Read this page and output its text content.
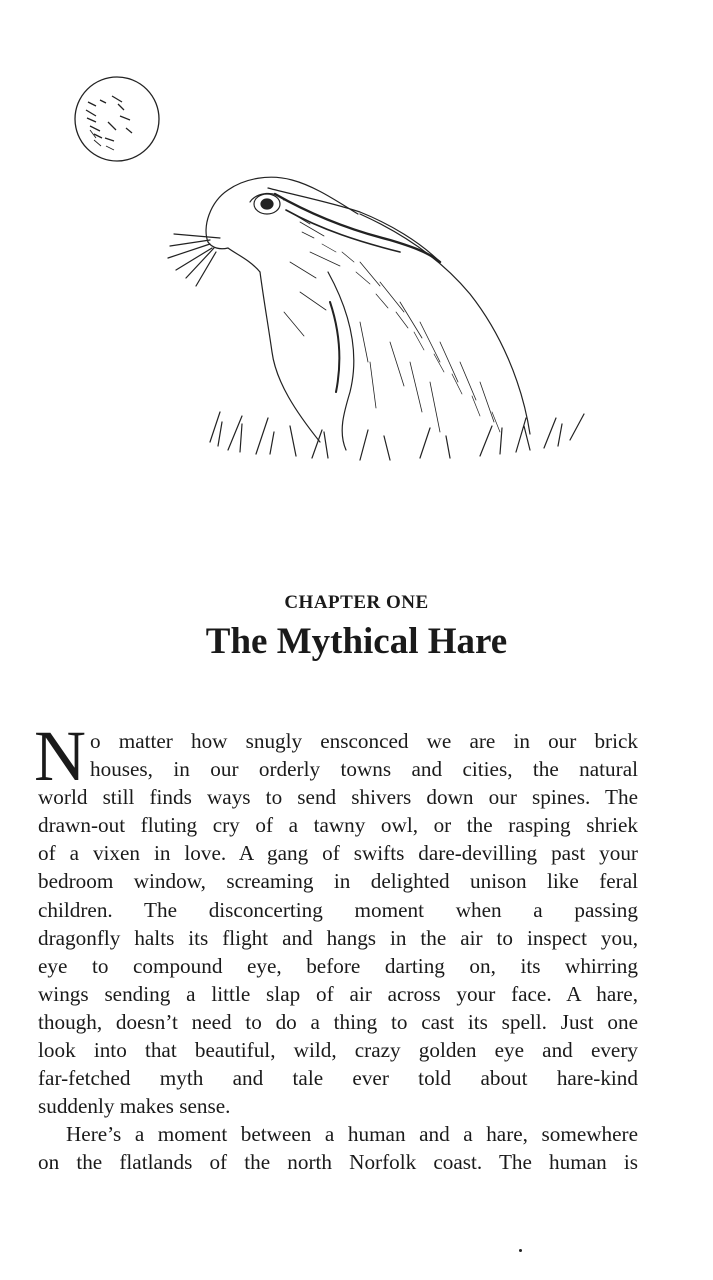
CHAPTER ONE
The Mythical Hare
N o matter how snugly ensconced we are in our brick
houses, in our orderly towns and cities, the natural
world still finds ways to send shivers down our spines. The
drawn-out fluting cry of a tawny owl, or the rasping shriek
of a vixen in love. A gang of swifts dare-devilling past your
bedroom window, screaming in delighted unison like feral
children. The disconcerting moment when a passing
dragonfly halts its flight and hangs in the air to inspect you,
eye to compound eye, before darting on, its whirring
wings sending a little slap of air across your face. A hare,
though, doesn’t need to do a thing to cast its spell. Just one
look into that beautiful, wild, crazy golden eye and every
far-fetched myth and tale ever told about hare-kind
suddenly makes sense.
Here’s a moment between a human and a hare, somewhere
on the flatlands of the north Norfolk coast. The human is
